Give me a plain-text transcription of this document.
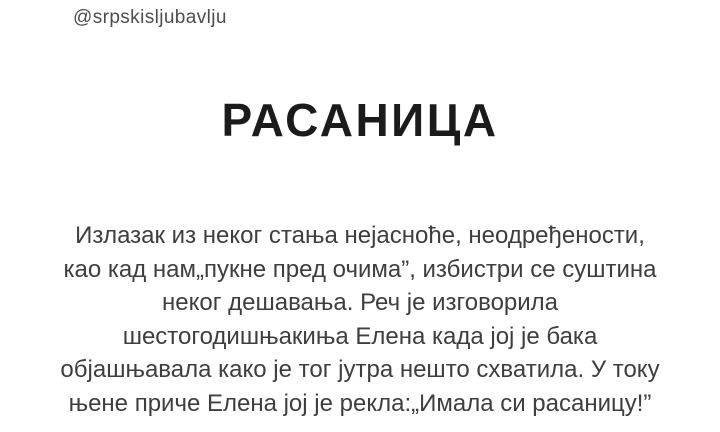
@srpskisljubavlju
РАСАНИЦА
Излазак из неког стања нејасноће, неодређености,
као кад нам„пукне пред очима”, избистри се суштина
неког дешавања. Реч је изговорила
шестогодишњакиња Елена када јој је бака
објашњавала како је тог јутра нешто схватила. У току
њене приче Елена јој је рекла:„Имала си расаницу!”
